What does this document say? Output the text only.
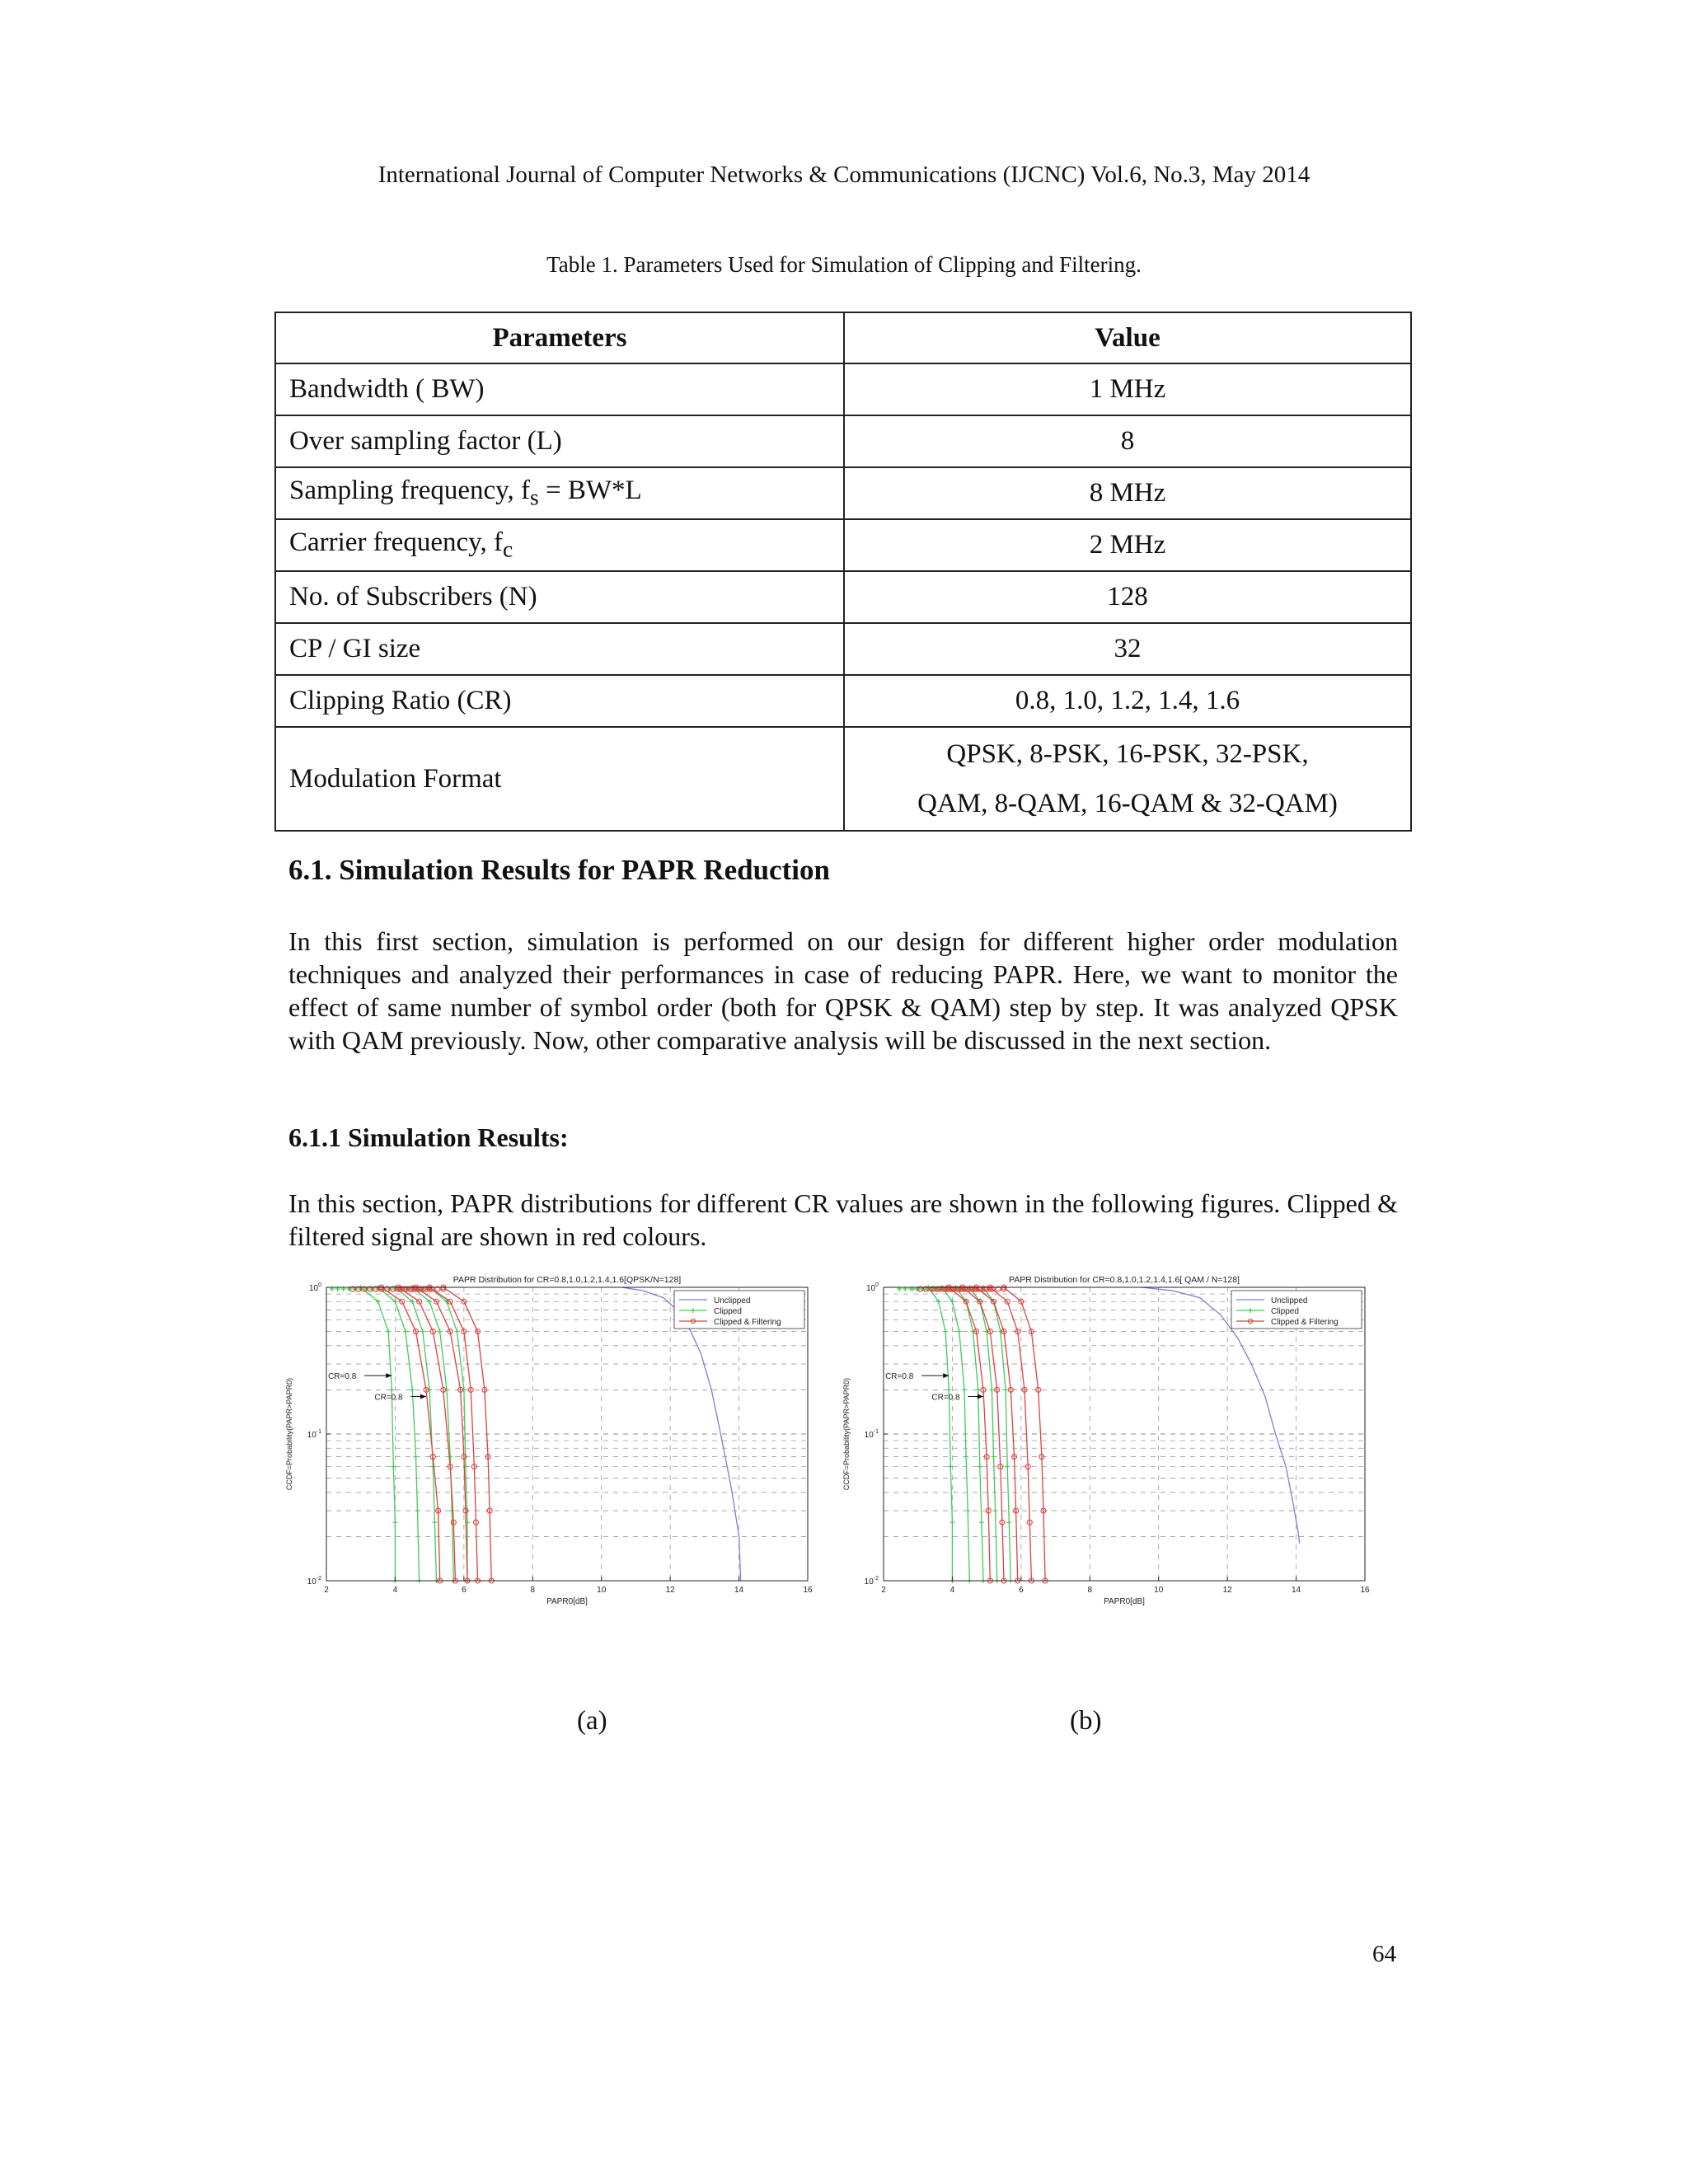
International Journal of Computer Networks & Communications (IJCNC) Vol.6, No.3, May 2014
Table 1. Parameters Used for Simulation of Clipping and Filtering.
Parameters	Value
Bandwidth ( BW)	1 MHz
Over sampling factor (L)	8
Sampling frequency, $f_s = BW*L$	8 MHz
Carrier frequency, $f_c$	2 MHz
No. of Subscribers (N)	128
CP / GI size	32
Clipping Ratio (CR)	0.8, 1.0, 1.2, 1.4, 1.6
Modulation Format	QPSK, 8-PSK, 16-PSK, 32-PSK,
QAM, 8-QAM, 16-QAM & 32-QAM)
6.1. Simulation Results for PAPR Reduction

In this first section, simulation is performed on our design for different higher order modulation techniques and analyzed their performances in case of reducing PAPR. Here, we want to monitor the effect of same number of symbol order (both for QPSK & QAM) step by step. It was analyzed QPSK with QAM previously. Now, other comparative analysis will be discussed in the next section.

6.1.1 Simulation Results:

In this section, PAPR distributions for different CR values are shown in the following figures. Clipped & filtered signal are shown in red colours.

2	4	6	8	10	12	14	16
$10^0$
$10^{-1}$
$10^{-2}$
PAPR Distribution for CR=0.8,1.0,1.2,1.4,1.6[QPSK/N=128]
PAPR0[dB]
CCDF=Probability(PAPR>PAPR0)
Unclipped
Clipped
Clipped & Filtering
CR=0.8
CR=0.8
2	4	6	8	10	12	14	16
$10^0$
$10^{-1}$
$10^{-2}$
PAPR Distribution for CR=0.8,1.0,1.2,1.4,1.6[ QAM / N=128]
PAPR0[dB]
CCDF=Probability(PAPR>PAPR0)
Unclipped
Clipped
Clipped & Filtering
CR=0.8
CR=0.8
(a)	(b)
64
